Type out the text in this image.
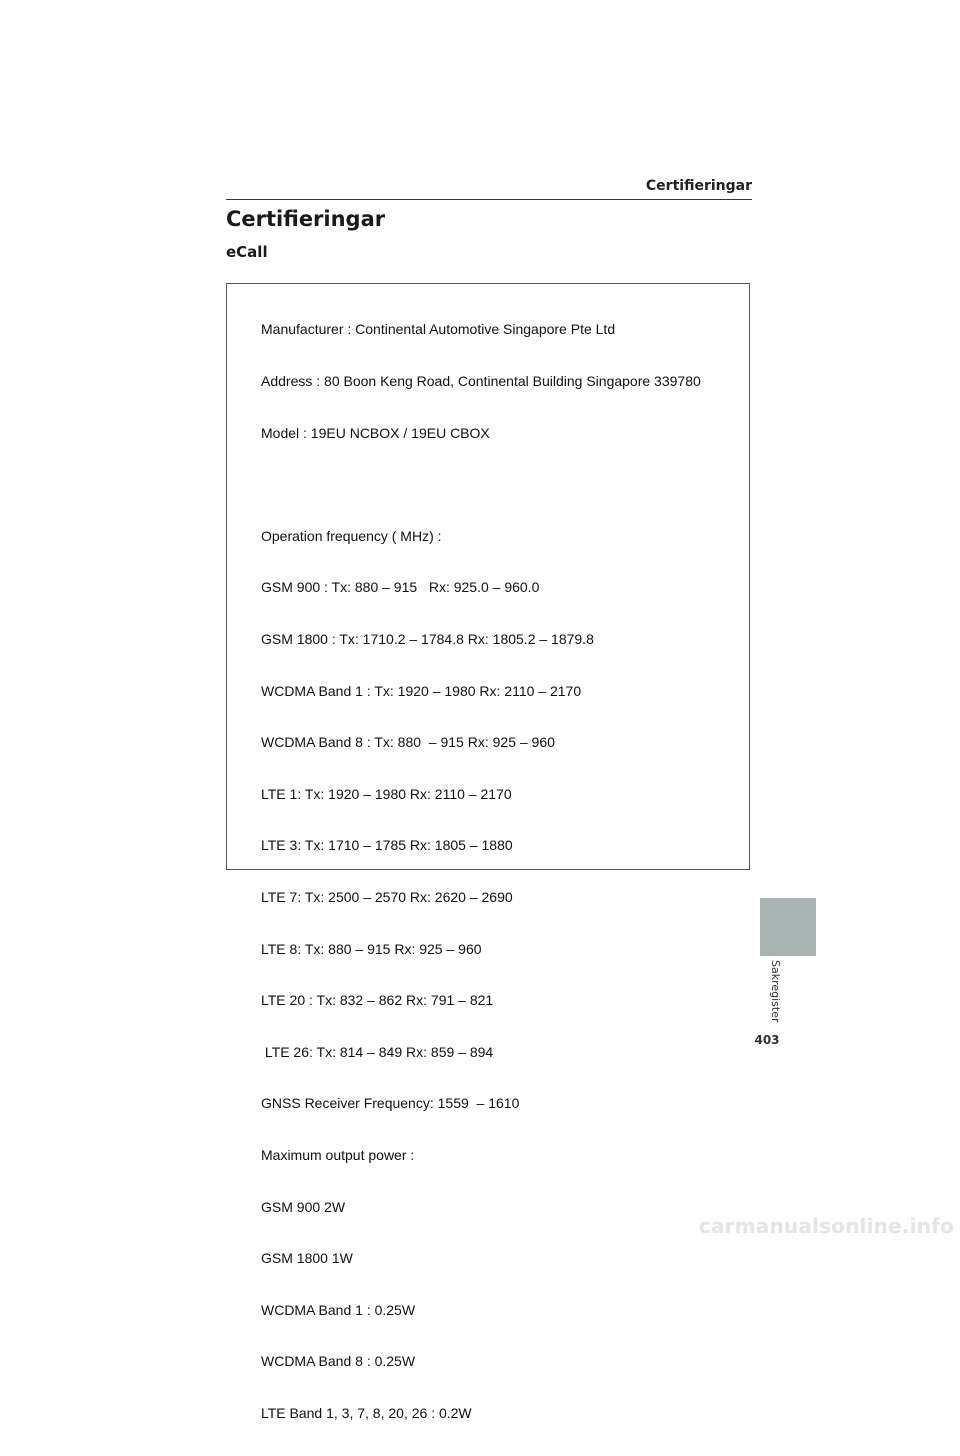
Certifieringar
Certifieringar
eCall

Manufacturer : Continental Automotive Singapore Pte Ltd

Address : 80 Boon Keng Road, Continental Building Singapore 339780

Model : 19EU NCBOX / 19EU CBOX

Operation frequency ( MHz) :

GSM 900 : Tx: 880 – 915   Rx: 925.0 – 960.0

GSM 1800 : Tx: 1710.2 – 1784.8 Rx: 1805.2 – 1879.8

WCDMA Band 1 : Tx: 1920 – 1980 Rx: 2110 – 2170

WCDMA Band 8 : Tx: 880  – 915 Rx: 925 – 960

LTE 1: Tx: 1920 – 1980 Rx: 2110 – 2170

LTE 3: Tx: 1710 – 1785 Rx: 1805 – 1880

LTE 7: Tx: 2500 – 2570 Rx: 2620 – 2690

LTE 8: Tx: 880 – 915 Rx: 925 – 960

LTE 20 : Tx: 832 – 862 Rx: 791 – 821

LTE 26: Tx: 814 – 849 Rx: 859 – 894

GNSS Receiver Frequency: 1559  – 1610

Maximum output power :

GSM 900 2W

GSM 1800 1W

WCDMA Band 1 : 0.25W

WCDMA Band 8 : 0.25W

LTE Band 1, 3, 7, 8, 20, 26 : 0.2W

Sakregister
403
carmanualsonline.info
